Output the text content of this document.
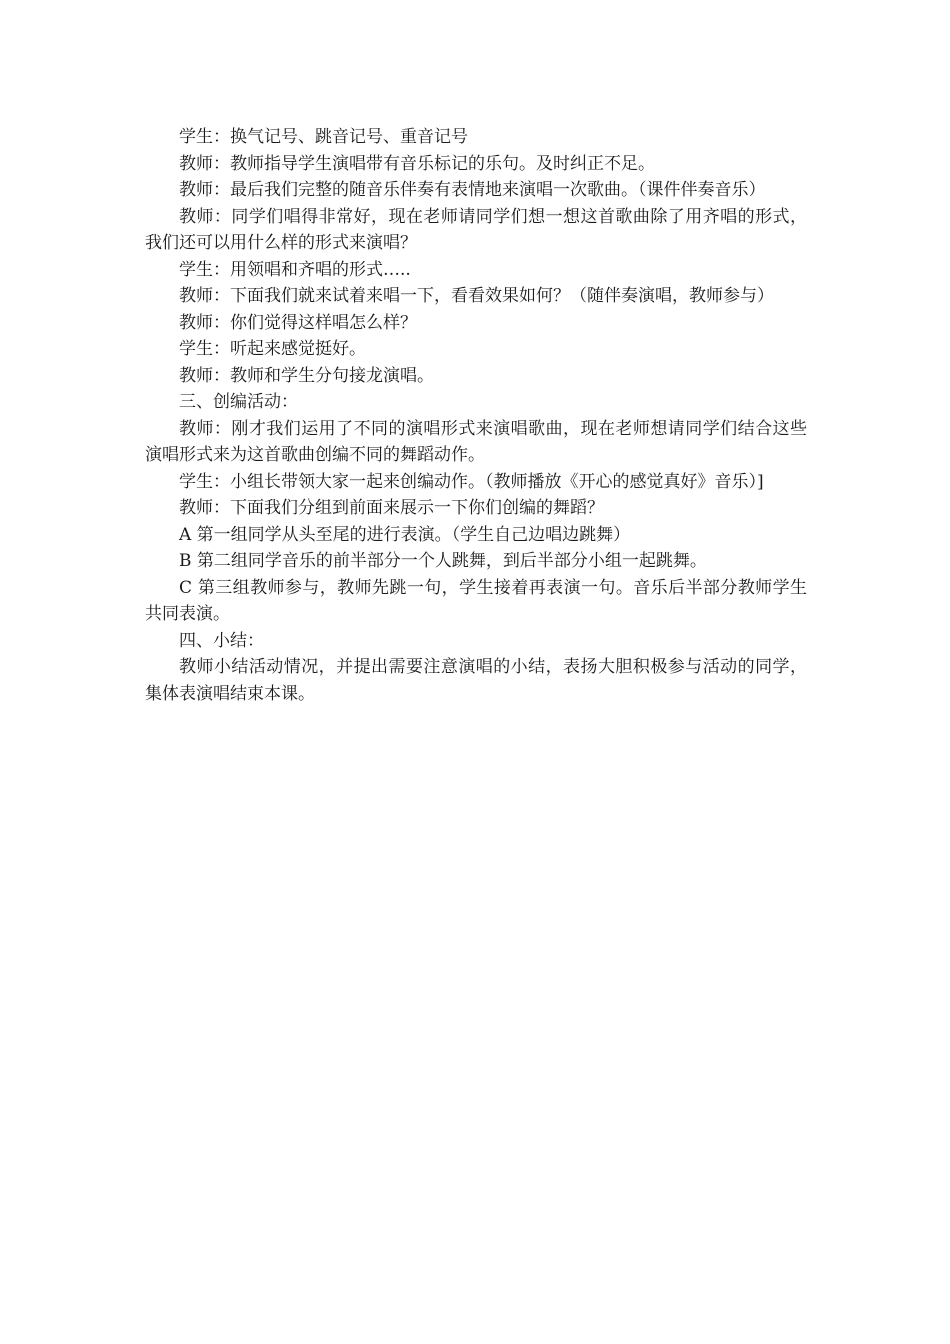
学生：换气记号、跳音记号、重音记号

教师：教师指导学生演唱带有音乐标记的乐句。及时纠正不足。

教师：最后我们完整的随音乐伴奏有表情地来演唱一次歌曲。（课件伴奏音乐）

教师：同学们唱得非常好，现在老师请同学们想一想这首歌曲除了用齐唱的形式，我们还可以用什么样的形式来演唱？

学生：用领唱和齐唱的形式…..

教师：下面我们就来试着来唱一下，看看效果如何？（随伴奏演唱，教师参与）

教师：你们觉得这样唱怎么样？

学生：听起来感觉挺好。

教师：教师和学生分句接龙演唱。

三、创编活动：

教师：刚才我们运用了不同的演唱形式来演唱歌曲，现在老师想请同学们结合这些演唱形式来为这首歌曲创编不同的舞蹈动作。

学生：小组长带领大家一起来创编动作。（教师播放《开心的感觉真好》音乐）]

教师：下面我们分组到前面来展示一下你们创编的舞蹈？

A 第一组同学从头至尾的进行表演。（学生自己边唱边跳舞）

B 第二组同学音乐的前半部分一个人跳舞，到后半部分小组一起跳舞。

C 第三组教师参与，教师先跳一句，学生接着再表演一句。音乐后半部分教师学生共同表演。

四、小结：

教师小结活动情况，并提出需要注意演唱的小结，表扬大胆积极参与活动的同学，集体表演唱结束本课。
